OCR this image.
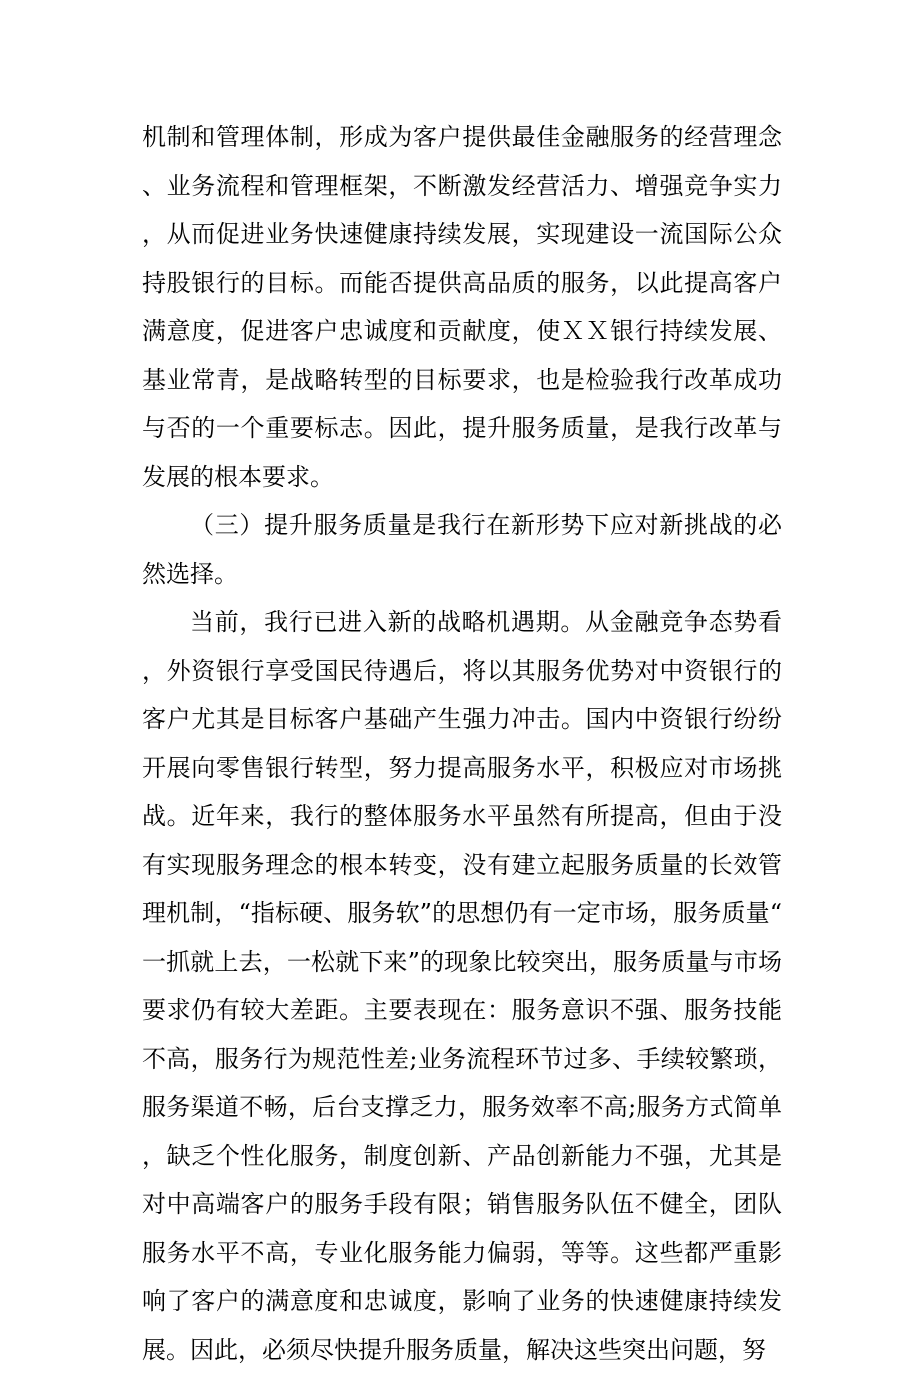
机制和管理体制，形成为客户提供最佳金融服务的经营理念、业务流程和管理框架，不断激发经营活力、增强竞争实力，从而促进业务快速健康持续发展，实现建设一流国际公众持股银行的目标。而能否提供高品质的服务，以此提高客户满意度，促进客户忠诚度和贡献度，使ＸＸ银行持续发展、基业常青，是战略转型的目标要求，也是检验我行改革成功与否的一个重要标志。因此，提升服务质量，是我行改革与发展的根本要求。

（三）提升服务质量是我行在新形势下应对新挑战的必然选择。

当前，我行已进入新的战略机遇期。从金融竞争态势看，外资银行享受国民待遇后，将以其服务优势对中资银行的客户尤其是目标客户基础产生强力冲击。国内中资银行纷纷开展向零售银行转型，努力提高服务水平，积极应对市场挑战。近年来，我行的整体服务水平虽然有所提高，但由于没有实现服务理念的根本转变，没有建立起服务质量的长效管理机制，“指标硬、服务软”的思想仍有一定市场，服务质量“一抓就上去，一松就下来”的现象比较突出，服务质量与市场要求仍有较大差距。主要表现在：服务意识不强、服务技能不高，服务行为规范性差;业务流程环节过多、手续较繁琐，服务渠道不畅，后台支撑乏力，服务效率不高;服务方式简单，缺乏个性化服务，制度创新、产品创新能力不强，尤其是对中高端客户的服务手段有限；销售服务队伍不健全，团队服务水平不高，专业化服务能力偏弱，等等。这些都严重影响了客户的满意度和忠诚度，影响了业务的快速健康持续发展。因此，必须尽快提升服务质量，解决这些突出问题，努
